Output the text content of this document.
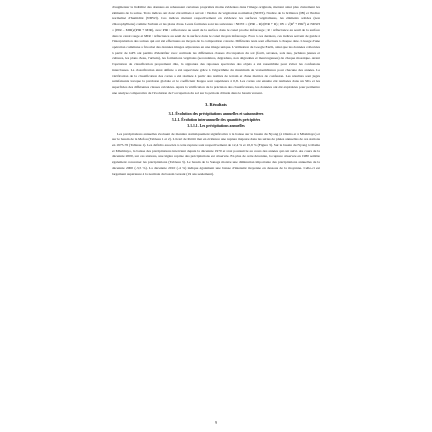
d'augmenter la lisibilité des données en rehaussant certaines propriétés moins évidentes dans l'image originale, mettant ainsi plus clairement les éléments de la scène. Trois indices ont donc été utilisés à savoir : l'indice de végétation normalisé (NDVI), l'indice de la brillance (IB) et l'indice normalisé d'humidité (NDWI). Ces indices mettent respectivement en évidence les surfaces végétalisées, les éléments solides (non chlorophylliens) comme l'urbain et les plans d'eau. Leurs formules sont les suivantes : NDVI = (PIR – R)/(PIR + R) ; IB = √(R² + PIR²) et NDWI = (PIR – MIR)/(PIR + MIR), avec PIR : réflectance au seuil de la surface dans le canal proche infrarouge ; R : réflectance au seuil de la surface dans le canal rouge et MIR : réflectance au seuil de la surface dans le canal moyen infrarouge. Face à ces derniers, ces indices servent de guide à l'interprétation des scènes qui ont été effectuées au moyen de la composition colorée. Différents tests sont effectués à chaque date. L'usage d'une opération commune a favorisé des données images adjacentes en une image unique. L'utilisation de Google Earth, ainsi que les données collectées à partir de GPS ont permis d'identifier avec certitude les différentes classes d'occupation du sol (forêt, savanes, sols nus, jachères jeunes et cultures, les plans d'eau, l'urbain), les formations végétales (secondaires, dégradées, non dégradées et marécageuses) de chaque mosaïque. Avant l'opération de classification proprement dite, la signature des réponses spectrales des objets a été rassemblée pour éviter les confusions interclasses. La classification ainsi définie a été supervisée grâce à l'algorithme du maximum de vraisemblance pour chacune des années. La vérification de la classification des cartes a été réalisée à partir des réalités de terrain et d'une matrice de confusion. Les résultats sont jugés satisfaisants lorsque la précision globale et le coefficient Kappa sont supérieurs à 0,8. Les cartes ont ensuite été réalisées dans un SIG et les superficies des différentes classes calculées. Après la vérification de la précision des classifications, les données ont été exploitées pour permettre une analyse comparative de l'évolution de l'occupation du sol sur la période d'étude dans le bassin versant.

3. Résultats

3.1. Évolution des précipitations annuelles et saisonnières

3.1.1. Évolution interannuelle des quantités précipitées

3.1.1.1. Les précipitations annuelles

Les précipitations annuelles évoluent de manière statistiquement significative à la baisse sur le bassin du Nyong (à Olama et à Mbalmayo) et sur le bassin de la Mefou (Tableau 1 et 2). L'écart de Pettitt met en évidence une rupture majeure dans les séries de pluies annuelles de ces stations en 1975-76 (Tableau 1). Les déficits associés à cette rupture sont respectivement de 12,4 % et 10,9 % (Figure 3). Sur le bassin du Nyong à Olama et Mbalmayo, la baisse des précipitations intervient depuis la décennie 1970 et s'est poursuivie au cours des années qui ont suivi. Au cours de la décennie 2000, sur ces stations, une légère reprise des précipitations est observée. En plus de cette décennie, la rupture observée en 1980 semble également concerner les précipitations (Tableau 3). Le bassin de la Sanaga montre une diminution importante des précipitations annuelles de la décennie 2000 (-3,5 %). La décennie 2010 (-4 %) indique également une baisse d'intensité moyenne en dessous de la moyenne. Celle-ci est largement supérieure à la normale du bassin versant (19 ans seulement).

9
